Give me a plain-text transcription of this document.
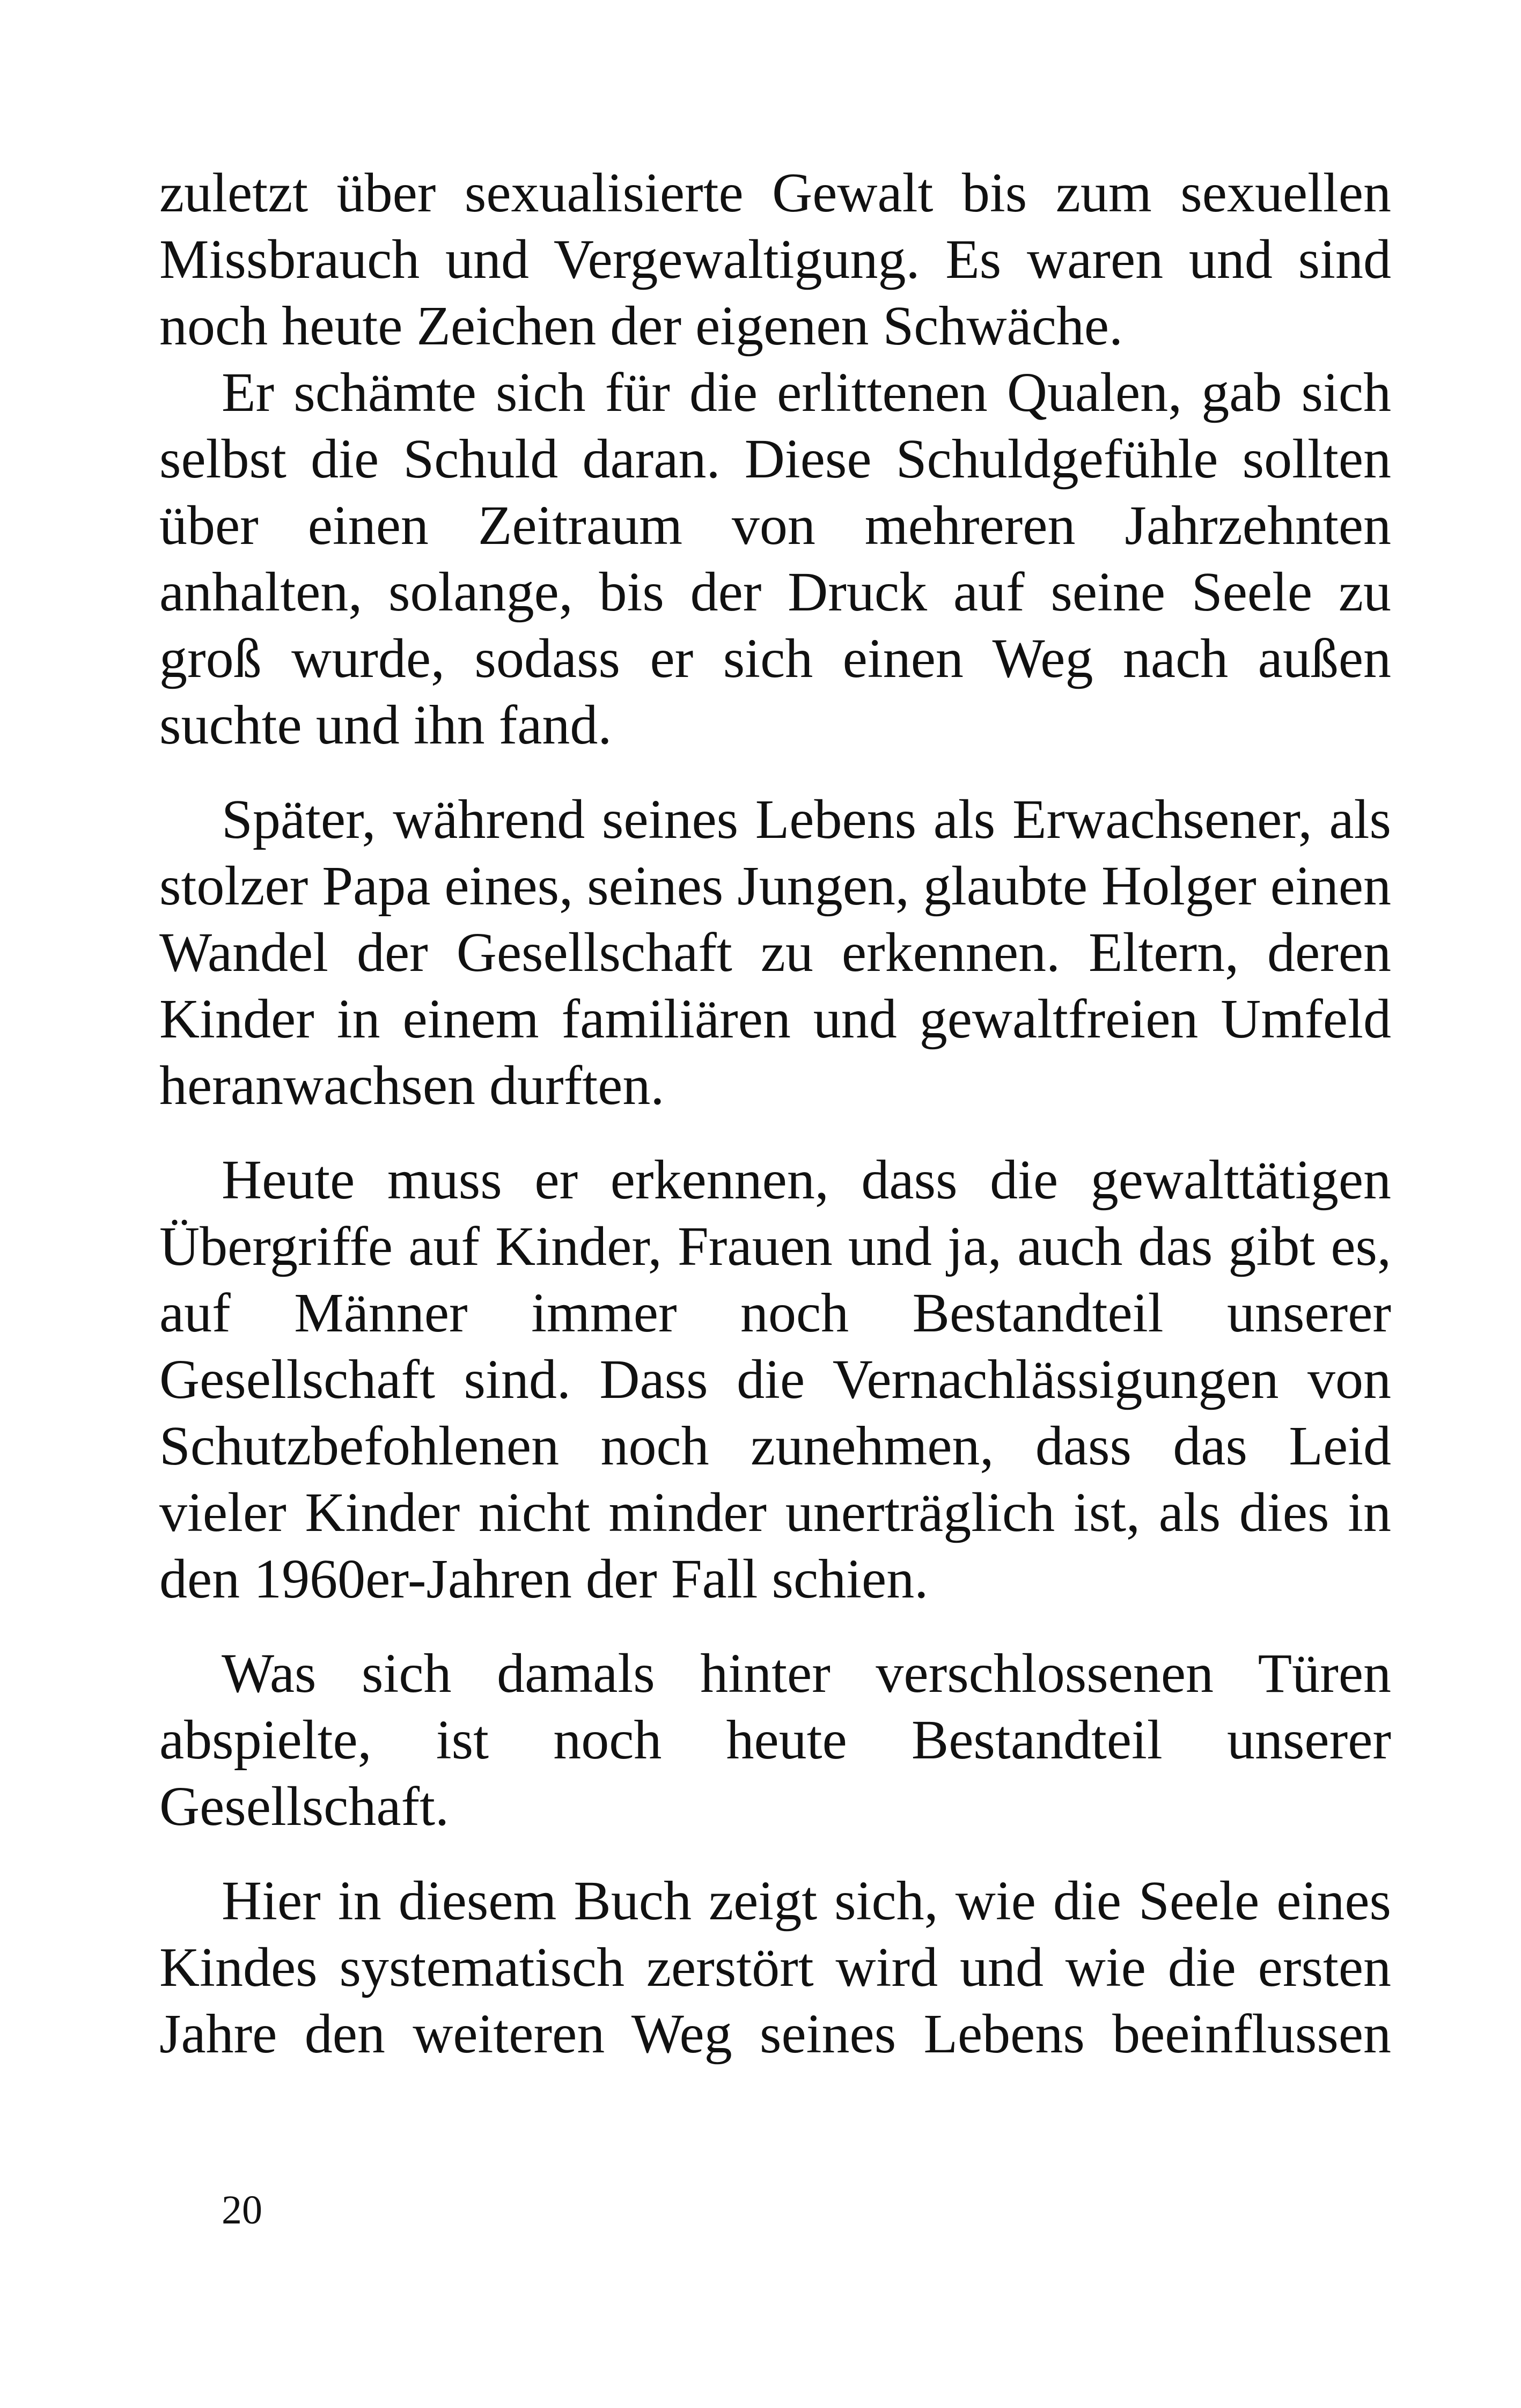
zuletzt über sexualisierte Gewalt bis zum sexuellen Missbrauch und Vergewaltigung. Es waren und sind noch heute Zeichen der eigenen Schwäche.

Er schämte sich für die erlittenen Qualen, gab sich selbst die Schuld daran. Diese Schuldgefühle sollten über einen Zeitraum von mehreren Jahrzehnten anhalten, solange, bis der Druck auf seine Seele zu groß wurde, sodass er sich einen Weg nach außen suchte und ihn fand.

Später, während seines Lebens als Erwachsener, als stolzer Papa eines, seines Jungen, glaubte Holger einen Wandel der Gesellschaft zu erkennen. Eltern, deren Kinder in einem familiären und gewaltfreien Umfeld heranwachsen durften.

Heute muss er erkennen, dass die gewalttätigen Übergriffe auf Kinder, Frauen und ja, auch das gibt es, auf Männer immer noch Bestandteil unserer Gesellschaft sind. Dass die Vernachlässigungen von Schutzbefohlenen noch zunehmen, dass das Leid vieler Kinder nicht minder unerträglich ist, als dies in den 1960er-Jahren der Fall schien.

Was sich damals hinter verschlossenen Türen abspielte, ist noch heute Bestandteil unserer Gesellschaft.

Hier in diesem Buch zeigt sich, wie die Seele eines Kindes systematisch zerstört wird und wie die ersten Jahre den weiteren Weg seines Lebens beeinflussen

20
